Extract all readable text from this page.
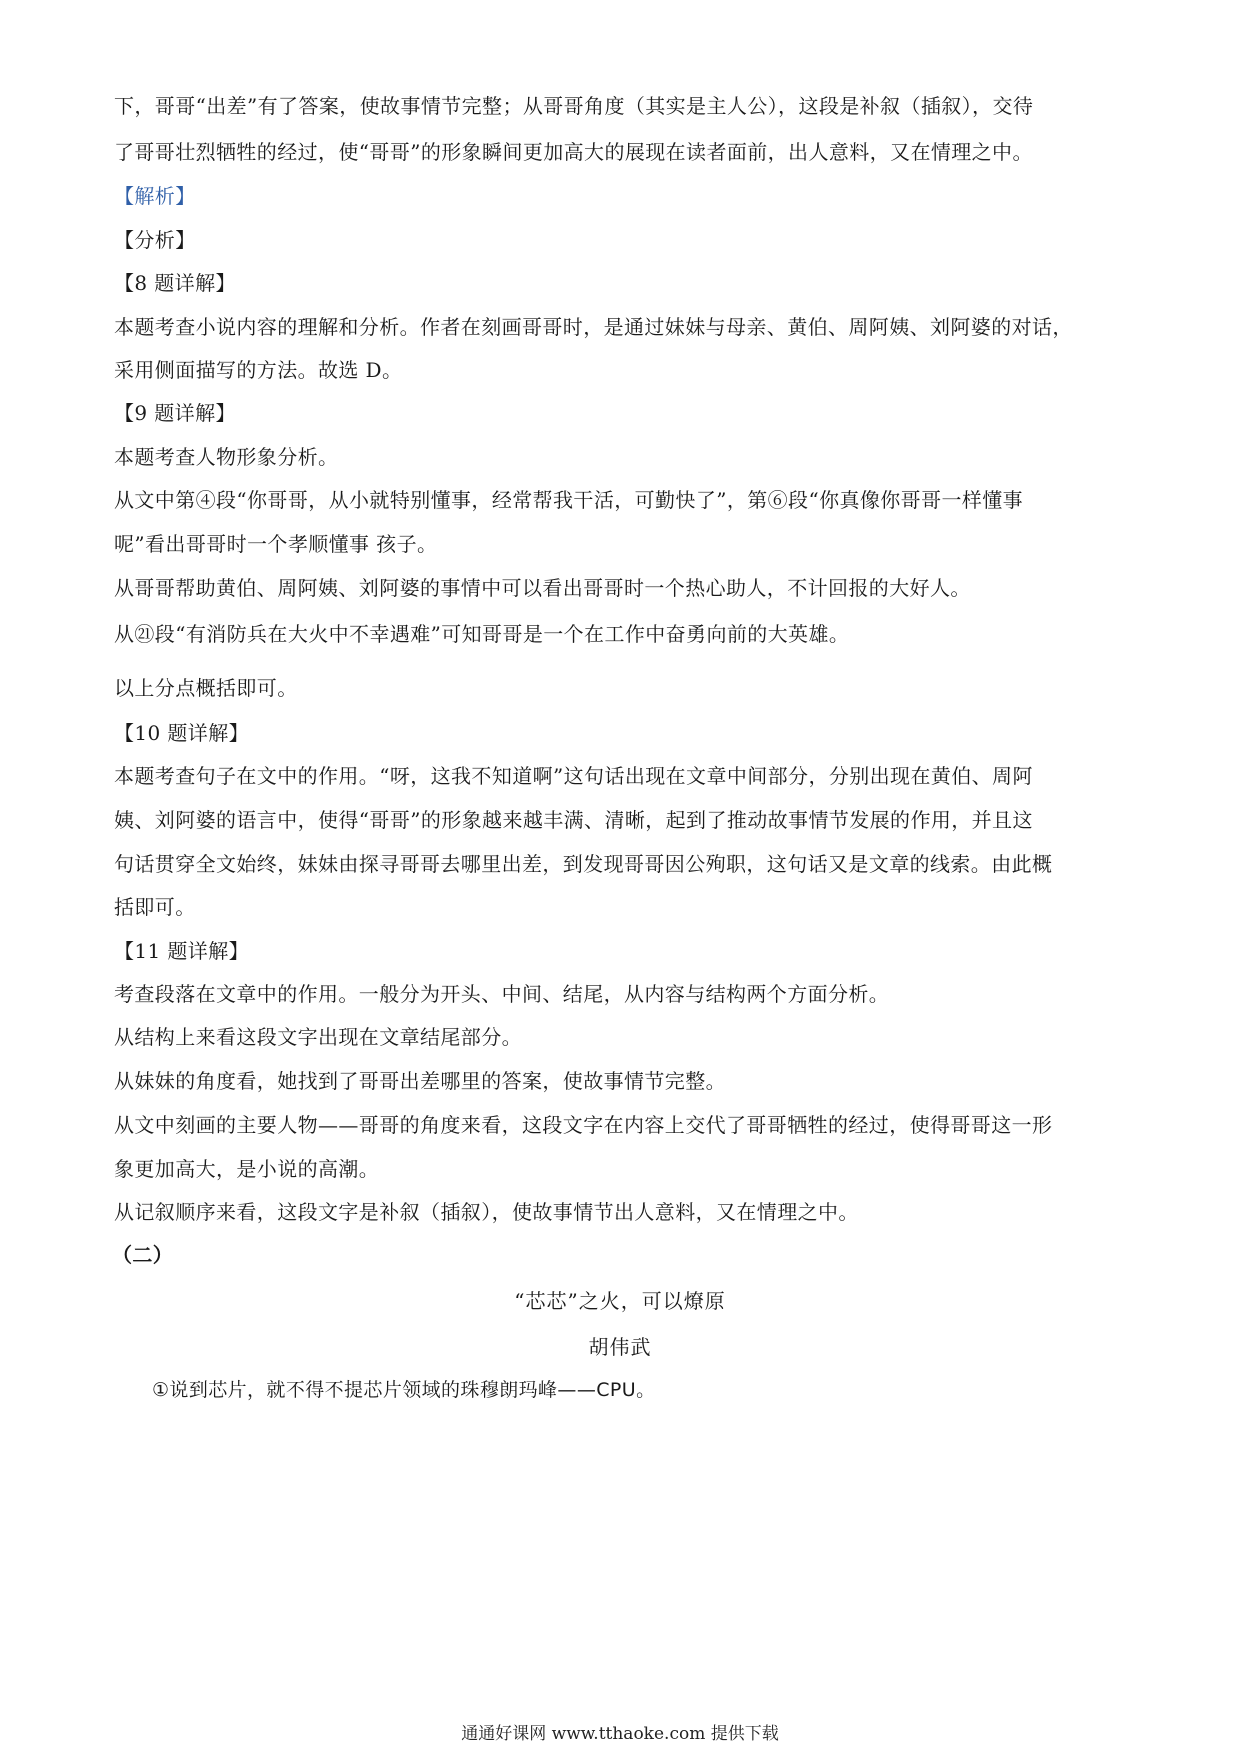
下，哥哥“出差”有了答案，使故事情节完整；从哥哥角度（其实是主人公），这段是补叙（插叙），交待
了哥哥壮烈牺牲的经过，使“哥哥”的形象瞬间更加高大的展现在读者面前，出人意料，又在情理之中。
【解析】
【分析】
【8 题详解】
本题考查小说内容的理解和分析。作者在刻画哥哥时，是通过妹妹与母亲、黄伯、周阿姨、刘阿婆的对话，
采用侧面描写的方法。故选 D。
【9 题详解】
本题考查人物形象分析。
从文中第④段“你哥哥，从小就特别懂事，经常帮我干活，可勤快了”，第⑥段“你真像你哥哥一样懂事
呢”看出哥哥时一个孝顺懂事 孩子。
从哥哥帮助黄伯、周阿姨、刘阿婆的事情中可以看出哥哥时一个热心助人，不计回报的大好人。
从㉑段“有消防兵在大火中不幸遇难”可知哥哥是一个在工作中奋勇向前的大英雄。
以上分点概括即可。
【10 题详解】
本题考查句子在文中的作用。“呀，这我不知道啊”这句话出现在文章中间部分，分别出现在黄伯、周阿
姨、刘阿婆的语言中，使得“哥哥”的形象越来越丰满、清晰，起到了推动故事情节发展的作用，并且这
句话贯穿全文始终，妹妹由探寻哥哥去哪里出差，到发现哥哥因公殉职，这句话又是文章的线索。由此概
括即可。
【11 题详解】
考查段落在文章中的作用。一般分为开头、中间、结尾，从内容与结构两个方面分析。
从结构上来看这段文字出现在文章结尾部分。
从妹妹的角度看，她找到了哥哥出差哪里的答案，使故事情节完整。
从文中刻画的主要人物——哥哥的角度来看，这段文字在内容上交代了哥哥牺牲的经过，使得哥哥这一形
象更加高大，是小说的高潮。
从记叙顺序来看，这段文字是补叙（插叙），使故事情节出人意料，又在情理之中。
（二）
“芯芯”之火，可以燎原
胡伟武
①说到芯片，就不得不提芯片领域的珠穆朗玛峰——CPU。
通通好课网 www.tthaoke.com 提供下载
